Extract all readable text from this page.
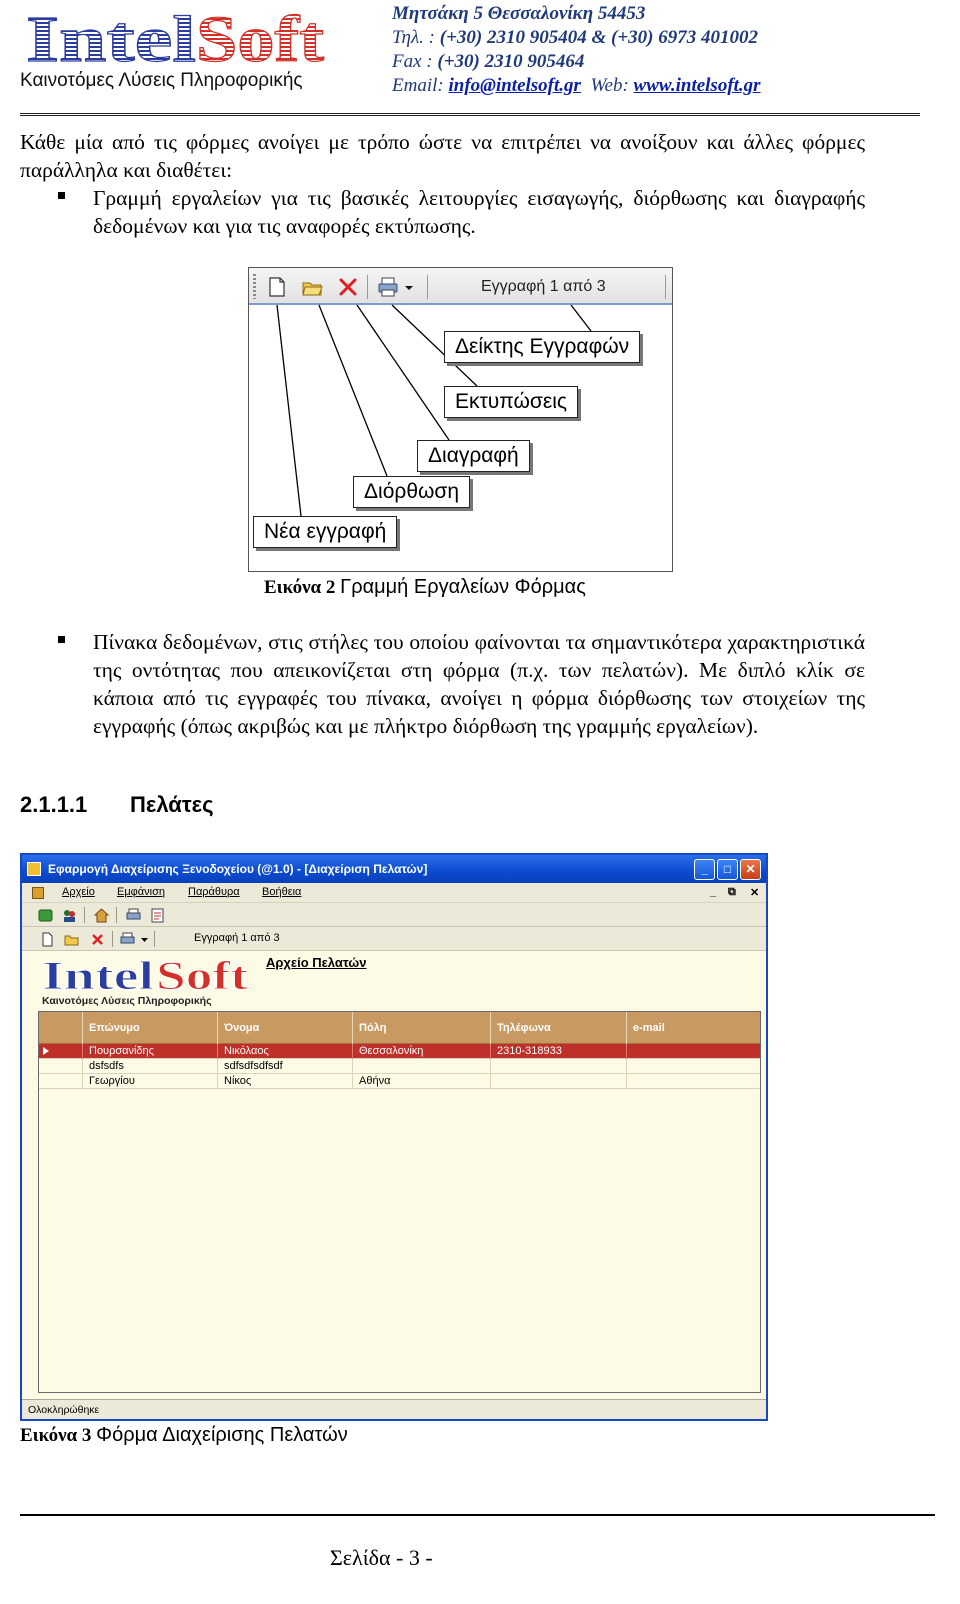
Intel Soft
Καινοτόμες Λύσεις Πληροφορικής
Μητσάκη 5 Θεσσαλονίκη 54453
Τηλ. : (+30) 2310 905404 & (+30) 6973 401002
Fax : (+30) 2310 905464
Email: info@intelsoft.gr Web: www.intelsoft.gr
Κάθε μία από τις φόρμες ανοίγει με τρόπο ώστε να επιτρέπει να ανοίξουν και άλλες φόρμες παράλληλα και διαθέτει:
Γραμμή εργαλείων για τις βασικές λειτουργίες εισαγωγής, διόρθωσης και διαγραφής δεδομένων και για τις αναφορές εκτύπωσης.
Εγγραφή 1 από 3
Δείκτης Εγγραφών
Εκτυπώσεις
Διαγραφή
Διόρθωση
Νέα εγγραφή
Εικόνα 2 Γραμμή Εργαλείων Φόρμας
Πίνακα δεδομένων, στις στήλες του οποίου φαίνονται τα σημαντικότερα χαρακτηριστικά της οντότητας που απεικονίζεται στη φόρμα (π.χ. των πελατών). Με διπλό κλίκ σε κάποια από τις εγγραφές του πίνακα, ανοίγει η φόρμα διόρθωσης των στοιχείων της εγγραφής (όπως ακριβώς και με πλήκτρο διόρθωση της γραμμής εργαλείων).
2.1.1.1 Πελάτες
Εφαρμογή Διαχείρισης Ξενοδοχείου (@1.0) - [Διαχείριση Πελατών]	_	□	✕
Αρχείο Εμφάνιση Παράθυρα Βοήθεια	_ ⧉ ✕
Εγγραφή 1 από 3
Intel Soft
Καινοτόμες Λύσεις Πληροφορικής
Αρχείο Πελατών
Επώνυμο	Όνομα	Πόλη	Τηλέφωνα	e-mail
Πουρσανίδης	Νικόλαος	Θεσσαλονίκη	2310-318933
dsfsdfs	sdfsdfsdfsdf
Γεωργίου	Νίκος	Αθήνα
Ολοκληρώθηκε
Εικόνα 3 Φόρμα Διαχείρισης Πελατών
Σελίδα - 3 -
